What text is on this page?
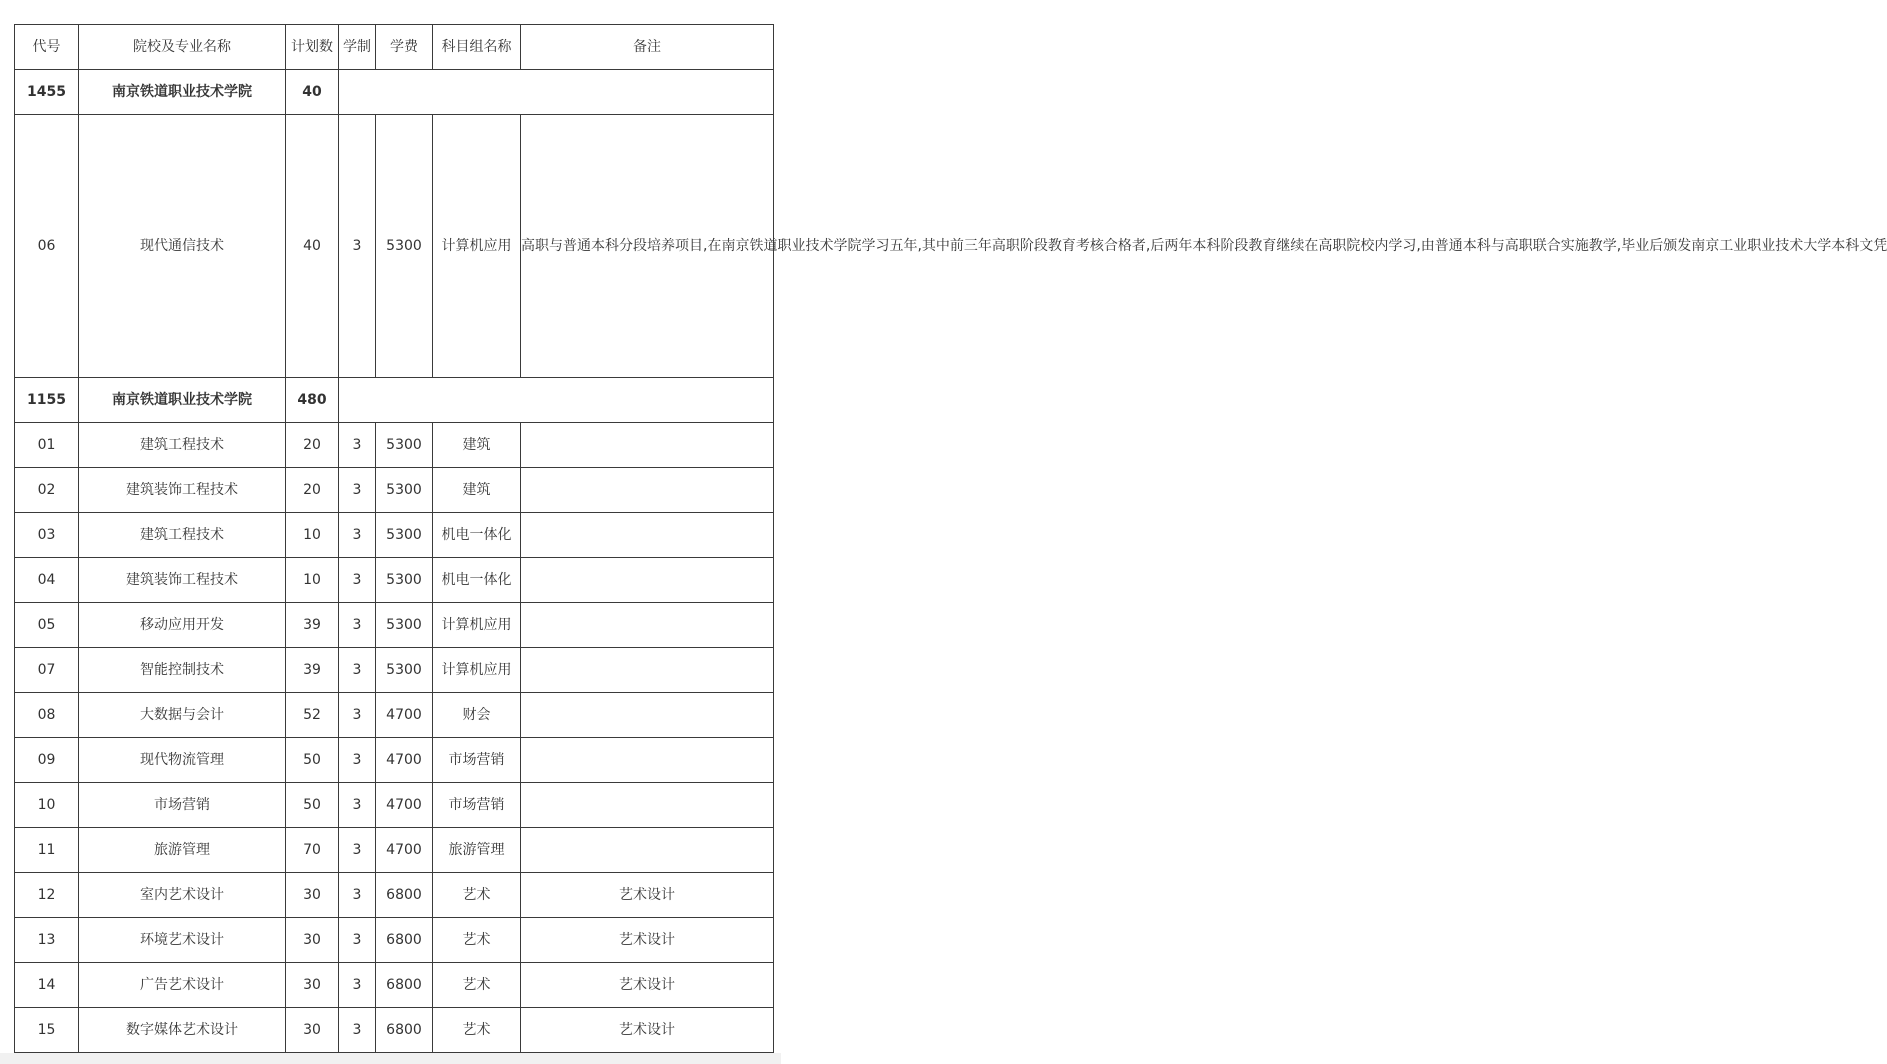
代号	院校及专业名称	计划数	学制	学费	科目组名称	备注
1455	南京铁道职业技术学院	40				
06	现代通信技术	40	3	5300	计算机应用	高职与普通本科分段培养项目,在南京铁道职业技术学院学习五年,其中前三年高职阶段教育考核合格者,后两年本科阶段教育继续在高职院校内学习,由普通本科与高职联合实施教学,毕业后颁发南京工业职业技术大学本科文凭
1155	南京铁道职业技术学院	480				
01	建筑工程技术	20	3	5300	建筑	
02	建筑装饰工程技术	20	3	5300	建筑	
03	建筑工程技术	10	3	5300	机电一体化	
04	建筑装饰工程技术	10	3	5300	机电一体化	
05	移动应用开发	39	3	5300	计算机应用	
07	智能控制技术	39	3	5300	计算机应用	
08	大数据与会计	52	3	4700	财会	
09	现代物流管理	50	3	4700	市场营销	
10	市场营销	50	3	4700	市场营销	
11	旅游管理	70	3	4700	旅游管理	
12	室内艺术设计	30	3	6800	艺术	艺术设计
13	环境艺术设计	30	3	6800	艺术	艺术设计
14	广告艺术设计	30	3	6800	艺术	艺术设计
15	数字媒体艺术设计	30	3	6800	艺术	艺术设计
